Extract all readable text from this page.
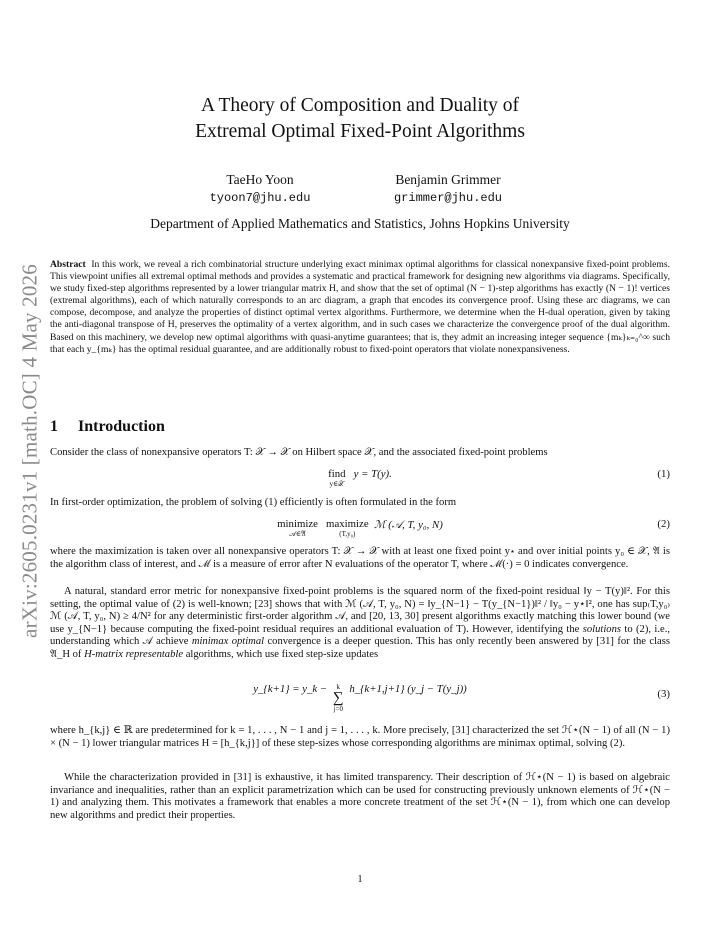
arXiv:2605.0231v1 [math.OC] 4 May 2026
A Theory of Composition and Duality of
Extremal Optimal Fixed-Point Algorithms
TaeHo Yoon
tyoon7@jhu.edu
Benjamin Grimmer
grimmer@jhu.edu
Department of Applied Mathematics and Statistics, Johns Hopkins University
Abstract In this work, we reveal a rich combinatorial structure underlying exact minimax optimal algorithms for classical nonexpansive fixed-point problems. This viewpoint unifies all extremal optimal methods and provides a systematic and practical framework for designing new algorithms via diagrams. Specifically, we study fixed-step algorithms represented by a lower triangular matrix H, and show that the set of optimal (N − 1)-step algorithms has exactly (N − 1)! vertices (extremal algorithms), each of which naturally corresponds to an arc diagram, a graph that encodes its convergence proof. Using these arc diagrams, we can compose, decompose, and analyze the properties of distinct optimal vertex algorithms. Furthermore, we determine when the H-dual operation, given by taking the anti-diagonal transpose of H, preserves the optimality of a vertex algorithm, and in such cases we characterize the convergence proof of the dual algorithm. Based on this machinery, we develop new optimal algorithms with quasi-anytime guarantees; that is, they admit an increasing integer sequence {mₖ}ₖ₌₀^∞ such that each y_{mₖ} has the optimal residual guarantee, and are additionally robust to fixed-point operators that violate nonexpansiveness.
1 Introduction
Consider the class of nonexpansive operators T: 𝒳 → 𝒳 on Hilbert space 𝒳, and the associated fixed-point problems
find
y∈𝒳
y = T(y).	(1)
In first-order optimization, the problem of solving (1) efficiently is often formulated in the form
minimize
𝒜∈𝔄
maximize
(T,y₀)
ℳ (𝒜, T, y₀, N)	(2)
where the maximization is taken over all nonexpansive operators T: 𝒳 → 𝒳 with at least one fixed point y⋆ and over initial points y₀ ∈ 𝒳, 𝔄 is the algorithm class of interest, and ℳ is a measure of error after N evaluations of the operator T, where ℳ(·) = 0 indicates convergence.
A natural, standard error metric for nonexpansive fixed-point problems is the squared norm of the fixed-point residual ‖y − T(y)‖². For this setting, the optimal value of (2) is well-known; [23] shows that with ℳ (𝒜, T, y₀, N) = ‖y_{N−1} − T(y_{N−1})‖² / ‖y₀ − y⋆‖², one has sup₍T,y₀₎ ℳ (𝒜, T, y₀, N) ≥ 4/N² for any deterministic first-order algorithm 𝒜, and [20, 13, 30] present algorithms exactly matching this lower bound (we use y_{N−1} because computing the fixed-point residual requires an additional evaluation of T). However, identifying the solutions to (2), i.e., understanding which 𝒜 achieve minimax optimal convergence is a deeper question. This has only recently been answered by [31] for the class 𝔄_H of H-matrix representable algorithms, which use fixed step-size updates
y_{k+1} = y_k −	k
∑
j=0
h_{k+1,j+1} (y_j − T(y_j))	(3)
where h_{k,j} ∈ ℝ are predetermined for k = 1, . . . , N − 1 and j = 1, . . . , k. More precisely, [31] characterized the set ℋ⋆(N − 1) of all (N − 1) × (N − 1) lower triangular matrices H = [h_{k,j}] of these step-sizes whose corresponding algorithms are minimax optimal, solving (2).
While the characterization provided in [31] is exhaustive, it has limited transparency. Their description of ℋ⋆(N − 1) is based on algebraic invariance and inequalities, rather than an explicit parametrization which can be used for constructing previously unknown elements of ℋ⋆(N − 1) and analyzing them. This motivates a framework that enables a more concrete treatment of the set ℋ⋆(N − 1), from which one can develop new algorithms and predict their properties.
1
